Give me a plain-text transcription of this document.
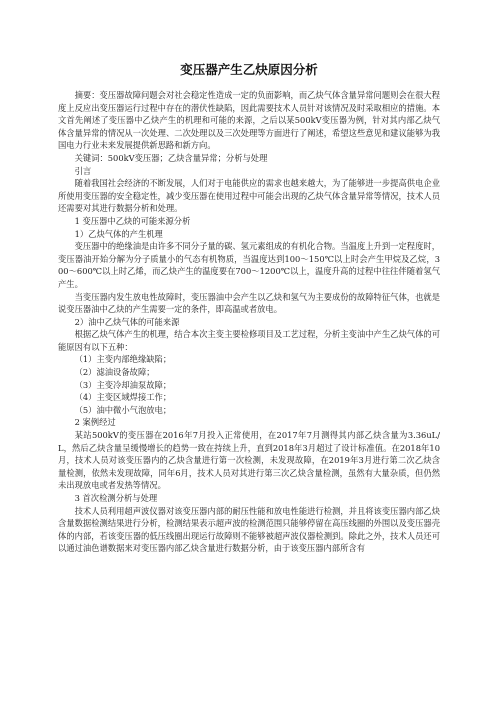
变压器产生乙炔原因分析

摘要：变压器故障问题会对社会稳定性造成一定的负面影响，而乙炔气体含量异常问题则会在很大程度上反应出变压器运行过程中存在的潜伏性缺陷，因此需要技术人员针对该情况及时采取相应的措施。本文首先阐述了变压器中乙炔产生的机理和可能的来源，之后以某500kV变压器为例，针对其内部乙炔气体含量异常的情况从一次处理、二次处理以及三次处理等方面进行了阐述，希望这些意见和建议能够为我国电力行业未来发展提供新思路和新方向。

关键词：500kV变压器；乙炔含量异常；分析与处理

引言

随着我国社会经济的不断发展，人们对于电能供应的需求也越来越大，为了能够进一步提高供电企业所使用变压器的安全稳定性，减少变压器在使用过程中可能会出现的乙炔气体含量异常等情况，技术人员还需要对其进行数据分析和处理。

1 变压器中乙炔的可能来源分析

1）乙炔气体的产生机理

变压器中的绝缘油是由许多不同分子量的碳、氢元素组成的有机化合物。当温度上升到一定程度时，变压器油开始分解为分子质量小的气态有机物质，当温度达到100～150℃以上时会产生甲烷及乙烷，300～600℃以上时乙烯，而乙炔产生的温度要在700～1200℃以上，温度升高的过程中往往伴随着氢气产生。

当变压器内发生放电性故障时，变压器油中会产生以乙炔和氢气为主要成份的故障特征气体，也就是说变压器油中乙炔的产生需要一定的条件，即高温或者放电。

2）油中乙炔气体的可能来源

根据乙炔气体产生的机理，结合本次主变主要检修项目及工艺过程，分析主变油中产生乙炔气体的可能原因有以下五种：

（1）主变内部绝缘缺陷；

（2）滤油设备故障；

（3）主变冷却油泵故障；

（4）主变区域焊接工作；

（5）油中微小气泡放电；

2 案例经过

某站500kV的变压器在2016年7月投入正常使用，在2017年7月测得其内部乙炔含量为3.36uL/L，然后乙炔含量呈缓慢增长的趋势一致在持续上升，直到2018年3月超过了设计标准值。在2018年10月，技术人员对该变压器内的乙炔含量进行第一次检测，未发现故障，在2019年3月进行第二次乙炔含量检测，依然未发现故障，同年6月，技术人员对其进行第三次乙炔含量检测，虽然有大量杂质，但仍然未出现放电或者发热等情况。

3 首次检测分析与处理

技术人员利用超声波仪器对该变压器内部的耐压性能和放电性能进行检测，并且将该变压器内部乙炔含量数据检测结果进行分析，检测结果表示超声波的检测范围只能够停留在高压线圈的外围以及变压器壳体的内部，若该变压器的低压线圈出现运行故障则不能够被超声波仪器检测到。除此之外，技术人员还可以通过油色谱数据来对变压器内部乙炔含量进行数据分析，由于该变压器内部所含有
